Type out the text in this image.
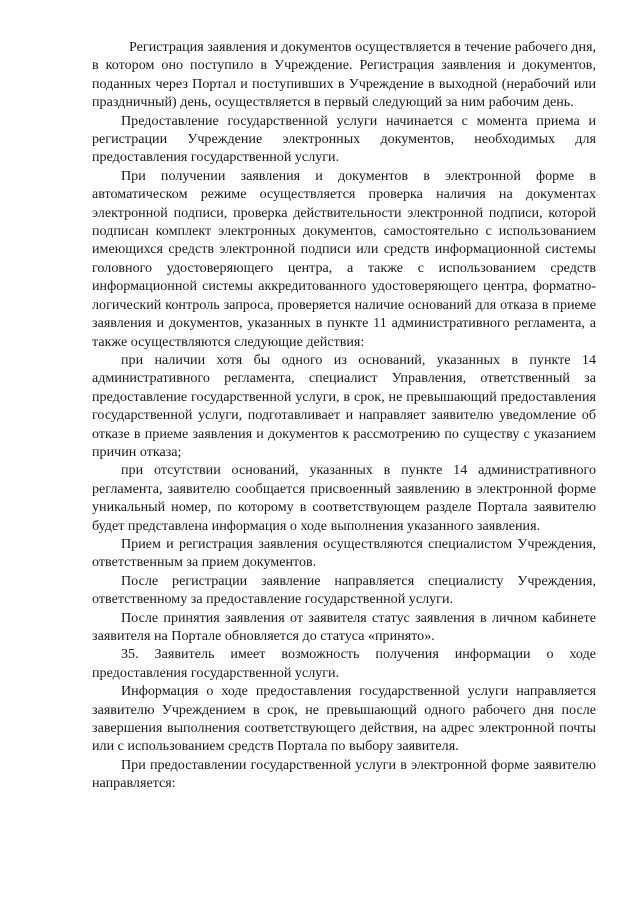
Регистрация заявления и документов осуществляется в течение рабочего дня, в котором оно поступило в Учреждение. Регистрация заявления и документов, поданных через Портал и поступивших в Учреждение в выходной (нерабочий или праздничный) день, осуществляется в первый следующий за ним рабочим день.

Предоставление государственной услуги начинается с момента приема и регистрации Учреждение электронных документов, необходимых для предоставления государственной услуги.

При получении заявления и документов в электронной форме в автоматическом режиме осуществляется проверка наличия на документах электронной подписи, проверка действительности электронной подписи, которой подписан комплект электронных документов, самостоятельно с использованием имеющихся средств электронной подписи или средств информационной системы головного удостоверяющего центра, а также с использованием средств информационной системы аккредитованного удостоверяющего центра, форматно-логический контроль запроса, проверяется наличие оснований для отказа в приеме заявления и документов, указанных в пункте 11 административного регламента, а также осуществляются следующие действия:

при наличии хотя бы одного из оснований, указанных в пункте 14 административного регламента, специалист Управления, ответственный за предоставление государственной услуги, в срок, не превышающий предоставления государственной услуги, подготавливает и направляет заявителю уведомление об отказе в приеме заявления и документов к рассмотрению по существу с указанием причин отказа;

при отсутствии оснований, указанных в пункте 14 административного регламента, заявителю сообщается присвоенный заявлению в электронной форме уникальный номер, по которому в соответствующем разделе Портала заявителю будет представлена информация о ходе выполнения указанного заявления.

Прием и регистрация заявления осуществляются специалистом Учреждения, ответственным за прием документов.

После регистрации заявление направляется специалисту Учреждения, ответственному за предоставление государственной услуги.

После принятия заявления от заявителя статус заявления в личном кабинете заявителя на Портале обновляется до статуса «принято».

35. Заявитель имеет возможность получения информации о ходе предоставления государственной услуги.

Информация о ходе предоставления государственной услуги направляется заявителю Учреждением в срок, не превышающий одного рабочего дня после завершения выполнения соответствующего действия, на адрес электронной почты или с использованием средств Портала по выбору заявителя.

При предоставлении государственной услуги в электронной форме заявителю направляется:
